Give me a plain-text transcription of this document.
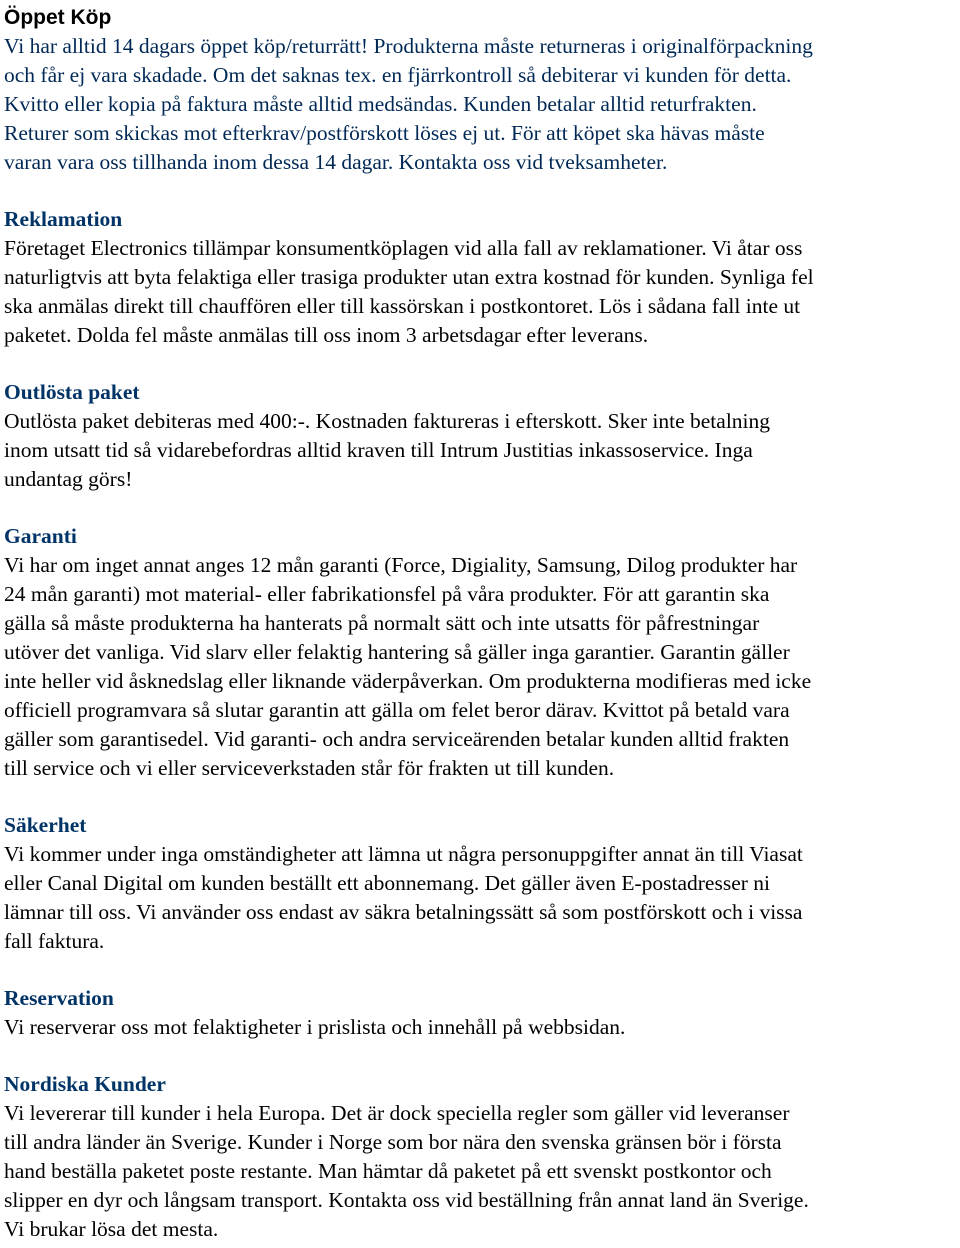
Öppet Köp

Vi har alltid 14 dagars öppet köp/returrätt! Produkterna måste returneras i originalförpackning
och får ej vara skadade. Om det saknas tex. en fjärrkontroll så debiterar vi kunden för detta.
Kvitto eller kopia på faktura måste alltid medsändas. Kunden betalar alltid returfrakten.
Returer som skickas mot efterkrav/postförskott löses ej ut. För att köpet ska hävas måste
varan vara oss tillhanda inom dessa 14 dagar. Kontakta oss vid tveksamheter.

Reklamation

Företaget Electronics tillämpar konsumentköplagen vid alla fall av reklamationer. Vi åtar oss
naturligtvis att byta felaktiga eller trasiga produkter utan extra kostnad för kunden. Synliga fel
ska anmälas direkt till chauffören eller till kassörskan i postkontoret. Lös i sådana fall inte ut
paketet. Dolda fel måste anmälas till oss inom 3 arbetsdagar efter leverans.

Outlösta paket

Outlösta paket debiteras med 400:-. Kostnaden faktureras i efterskott. Sker inte betalning
inom utsatt tid så vidarebefordras alltid kraven till Intrum Justitias inkassoservice. Inga
undantag görs!

Garanti

Vi har om inget annat anges 12 mån garanti (Force, Digiality, Samsung, Dilog produkter har
24 mån garanti) mot material- eller fabrikationsfel på våra produkter. För att garantin ska
gälla så måste produkterna ha hanterats på normalt sätt och inte utsatts för påfrestningar
utöver det vanliga. Vid slarv eller felaktig hantering så gäller inga garantier. Garantin gäller
inte heller vid åsknedslag eller liknande väderpåverkan. Om produkterna modifieras med icke
officiell programvara så slutar garantin att gälla om felet beror därav. Kvittot på betald vara
gäller som garantisedel. Vid garanti- och andra serviceärenden betalar kunden alltid frakten
till service och vi eller serviceverkstaden står för frakten ut till kunden.

Säkerhet

Vi kommer under inga omständigheter att lämna ut några personuppgifter annat än till Viasat
eller Canal Digital om kunden beställt ett abonnemang. Det gäller även E-postadresser ni
lämnar till oss. Vi använder oss endast av säkra betalningssätt så som postförskott och i vissa
fall faktura.

Reservation

Vi reserverar oss mot felaktigheter i prislista och innehåll på webbsidan.

Nordiska Kunder

Vi levererar till kunder i hela Europa. Det är dock speciella regler som gäller vid leveranser
till andra länder än Sverige. Kunder i Norge som bor nära den svenska gränsen bör i första
hand beställa paketet poste restante. Man hämtar då paketet på ett svenskt postkontor och
slipper en dyr och långsam transport. Kontakta oss vid beställning från annat land än Sverige.
Vi brukar lösa det mesta.
